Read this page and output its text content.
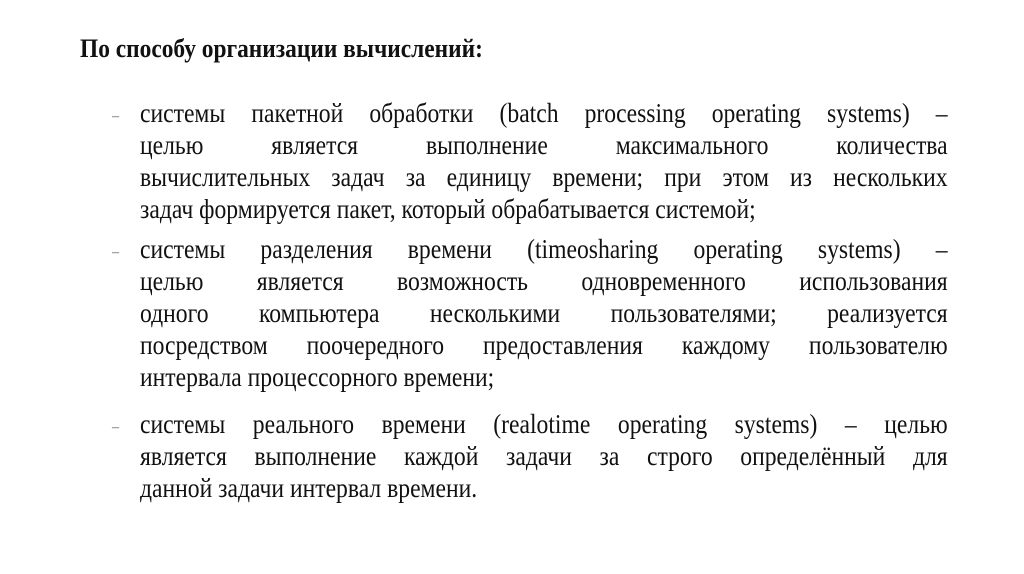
По способу организации вычислений:
– системы пакетной обработки (batch processing operating systems) –
целью является выполнение максимального количества
вычислительных задач за единицу времени; при этом из нескольких
задач формируется пакет, который обрабатывается системой;
– системы разделения времени (timeosharing operating systems) –
целью является возможность одновременного использования
одного компьютера несколькими пользователями; реализуется
посредством поочередного предоставления каждому пользователю
интервала процессорного времени;
– системы реального времени (realotime operating systems) – целью
является выполнение каждой задачи за строго определённый для
данной задачи интервал времени.
